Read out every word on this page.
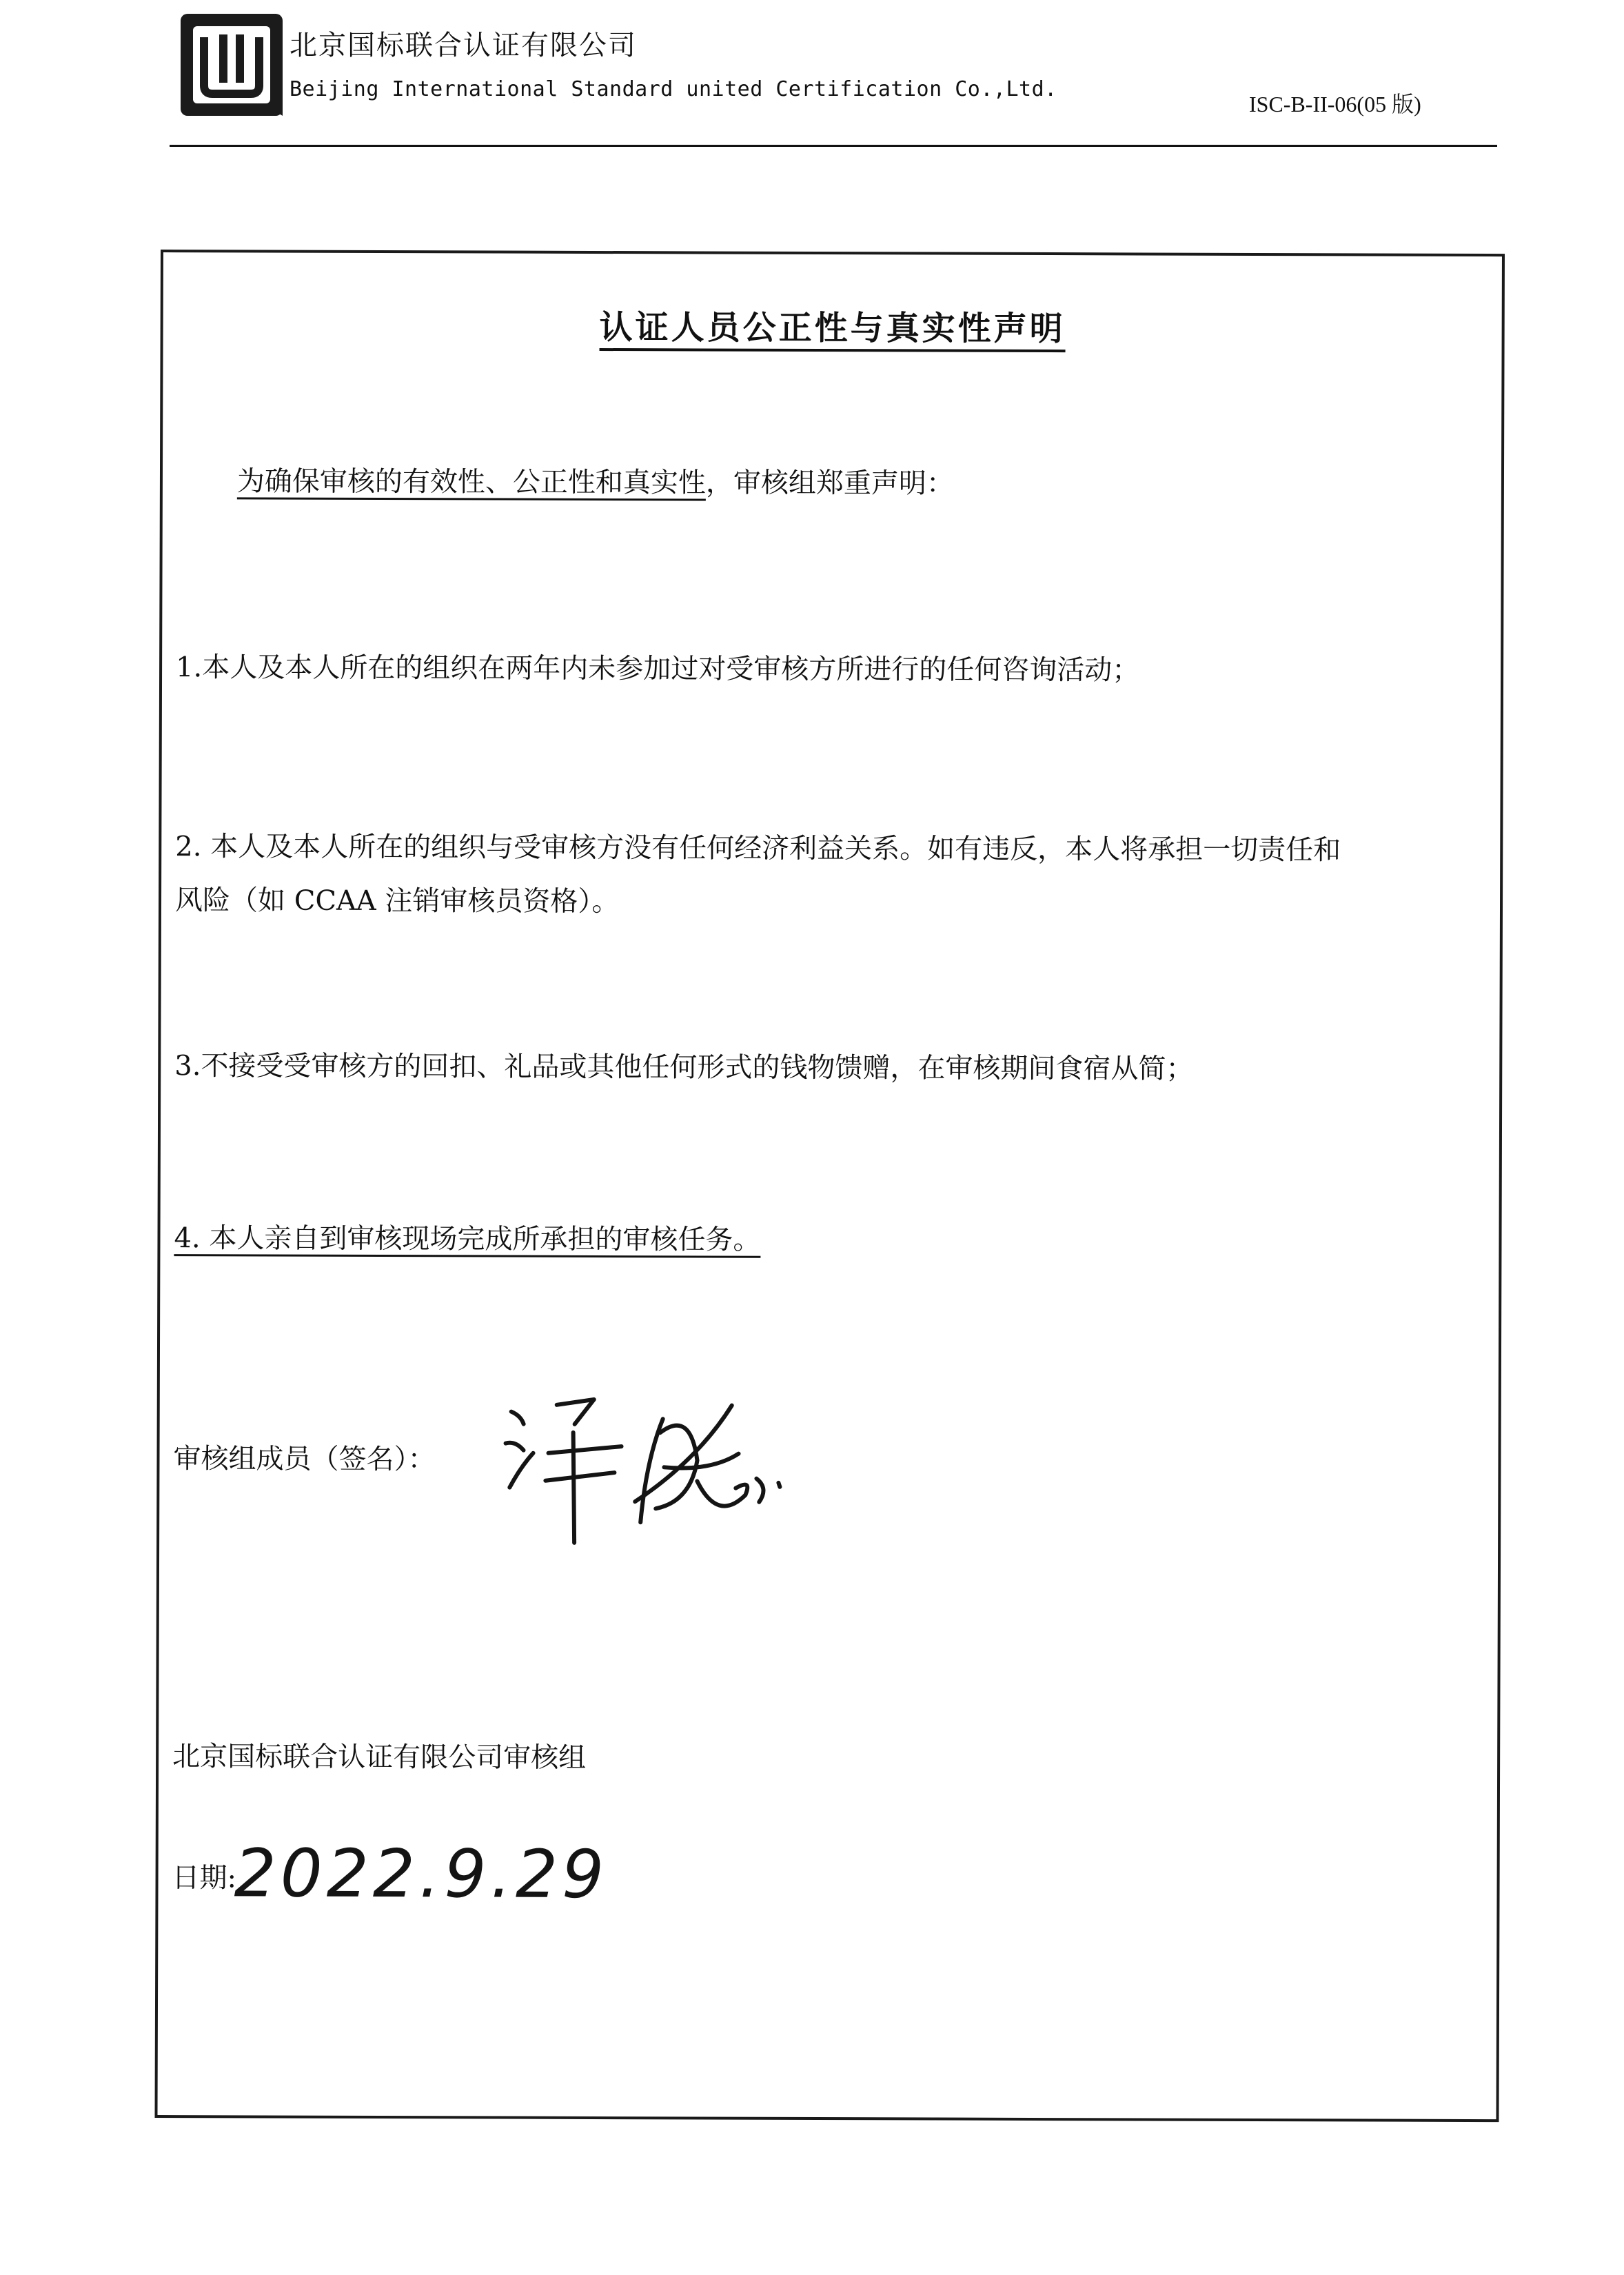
北京国标联合认证有限公司
Beijing International Standard united Certification Co.,Ltd.
ISC-B-II-06(05 版)
认证人员公正性与真实性声明
为确保审核的有效性、公正性和真实性，审核组郑重声明：
1.本人及本人所在的组织在两年内未参加过对受审核方所进行的任何咨询活动；
2. 本人及本人所在的组织与受审核方没有任何经济利益关系。如有违反，本人将承担一切责任和
风险（如 CCAA 注销审核员资格）。
3.不接受受审核方的回扣、礼品或其他任何形式的钱物馈赠，在审核期间食宿从简；
4. 本人亲自到审核现场完成所承担的审核任务。
审核组成员（签名）：
北京国标联合认证有限公司审核组
日期:
2022.9.29
